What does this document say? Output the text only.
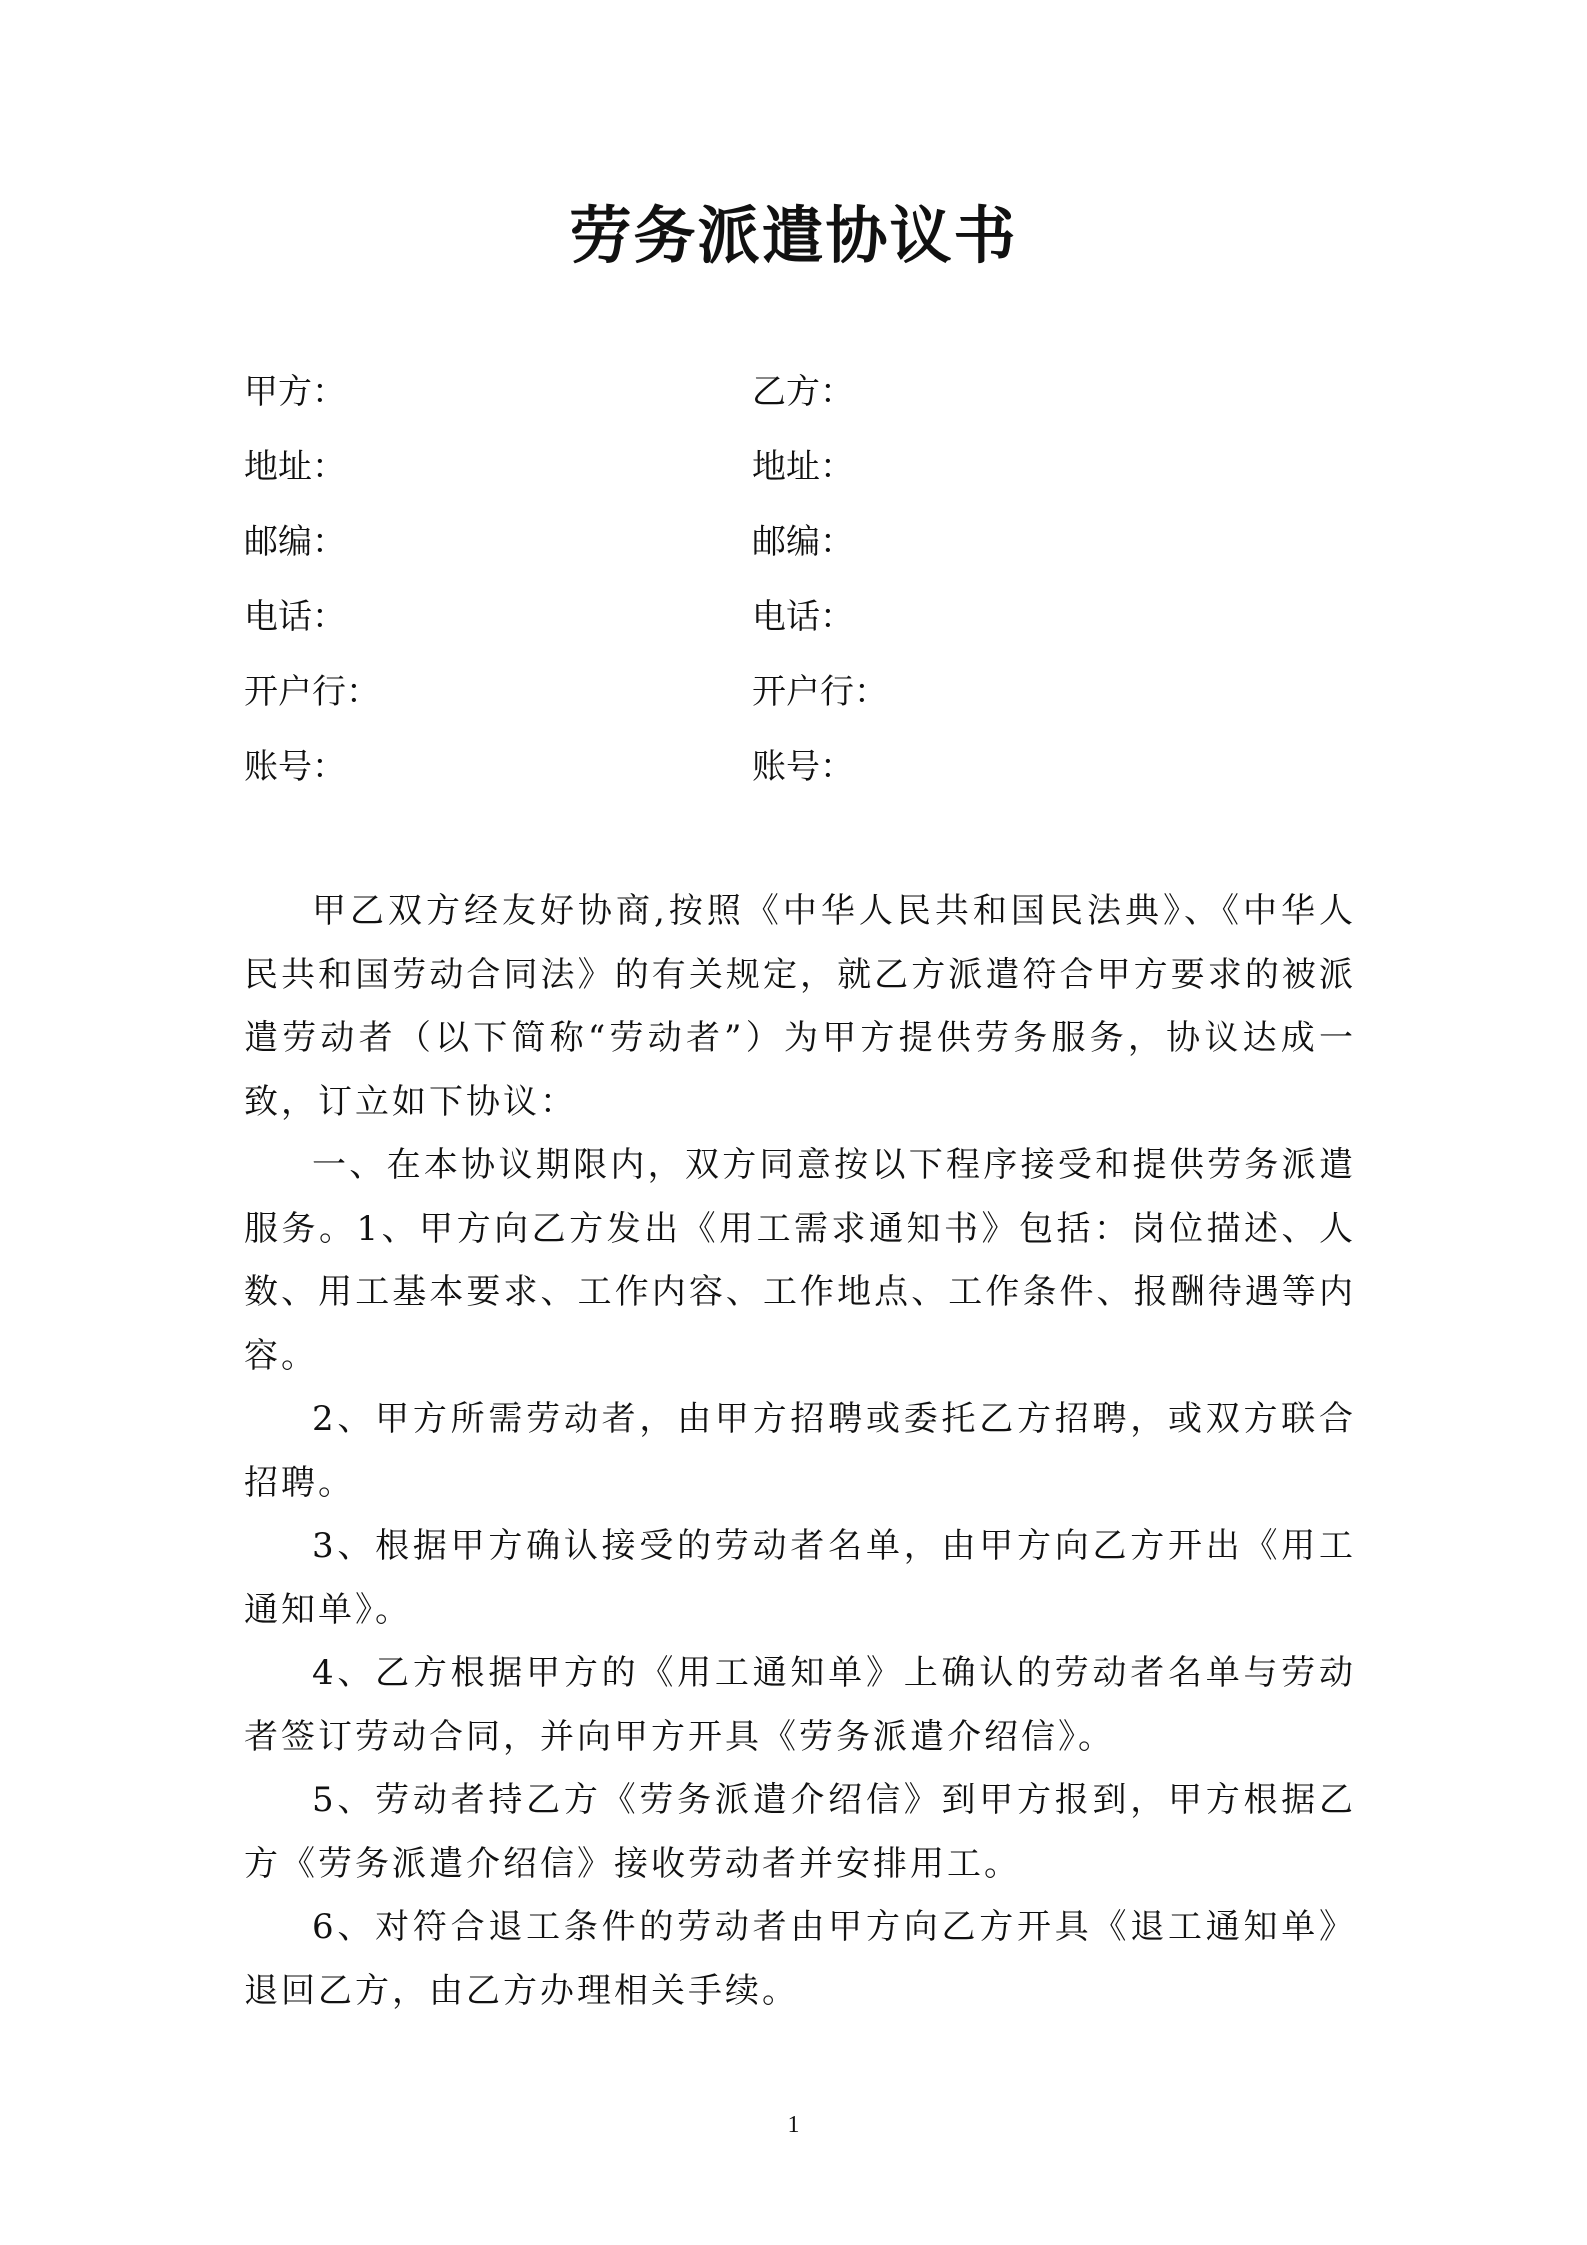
劳务派遣协议书
甲方：	乙方：
地址：	地址：
邮编：	邮编：
电话：	电话：
开户行：	开户行：
账号：	账号：

甲乙双方经友好协商,按照《中华人民共和国民法典》、《中华人民共和国劳动合同法》的有关规定，就乙方派遣符合甲方要求的被派遣劳动者（以下简称“劳动者”）为甲方提供劳务服务，协议达成一致，订立如下协议：

一、在本协议期限内，双方同意按以下程序接受和提供劳务派遣服务。1、甲方向乙方发出《用工需求通知书》包括：岗位描述、人数、用工基本要求、工作内容、工作地点、工作条件、报酬待遇等内容。

2、甲方所需劳动者，由甲方招聘或委托乙方招聘，或双方联合招聘。

3、根据甲方确认接受的劳动者名单，由甲方向乙方开出《用工通知单》。

4、乙方根据甲方的《用工通知单》上确认的劳动者名单与劳动者签订劳动合同，并向甲方开具《劳务派遣介绍信》。

5、劳动者持乙方《劳务派遣介绍信》到甲方报到，甲方根据乙方《劳务派遣介绍信》接收劳动者并安排用工。

6、对符合退工条件的劳动者由甲方向乙方开具《退工通知单》退回乙方，由乙方办理相关手续。

1
